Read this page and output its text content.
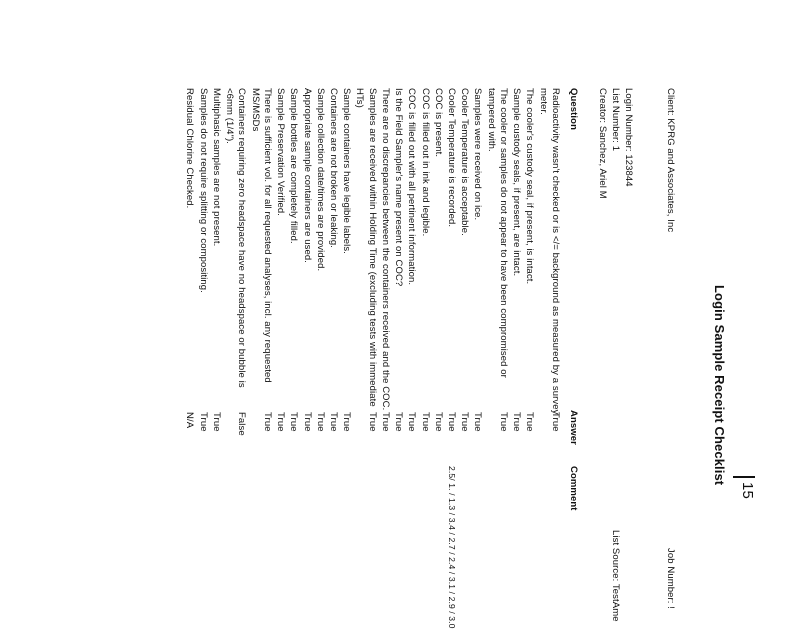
Login Sample Receipt Checklist
15
Job Number: !
Client: KPRG and Associates, Inc
Login Number: 123844
List Number: 1
List Source: TestAme
Creator: Sanchez, Ariel M
Question
Answer
Comment
Radioactivity wasn't checked or is </= background as measured by a survey
meter.
True
The cooler's custody seal, if present, is intact.
True
Sample custody seals, if present, are intact.
True
The cooler or samples do not appear to have been compromised or
tampered with.
True
Samples were received on ice.
True
Cooler Temperature is acceptable.
True
Cooler Temperature is recorded.
True
2.5/ 1. / 1.3 / 3.4 / 2.7 / 2.4 / 3.1 / 2.9 / 3.0
COC is present.
True
COC is filled out in ink and legible.
True
COC is filled out with all pertinent information.
True
Is the Field Sampler's name present on COC?
True
There are no discrepancies between the containers received and the COC.
True
Samples are received within Holding Time (excluding tests with immediate
HTs)
True
Sample containers have legible labels.
True
Containers are not broken or leaking.
True
Sample collection date/times are provided.
True
Appropriate sample containers are used.
True
Sample bottles are completely filled.
True
Sample Preservation Verified.
True
There is sufficient vol. for all requested analyses, incl. any requested
MS/MSDs
True
Containers requiring zero headspace have no headspace or bubble is
<6mm (1/4").
False
Multiphasic samples are not present.
True
Samples do not require splitting or compositing.
True
Residual Chlorine Checked.
N/A
